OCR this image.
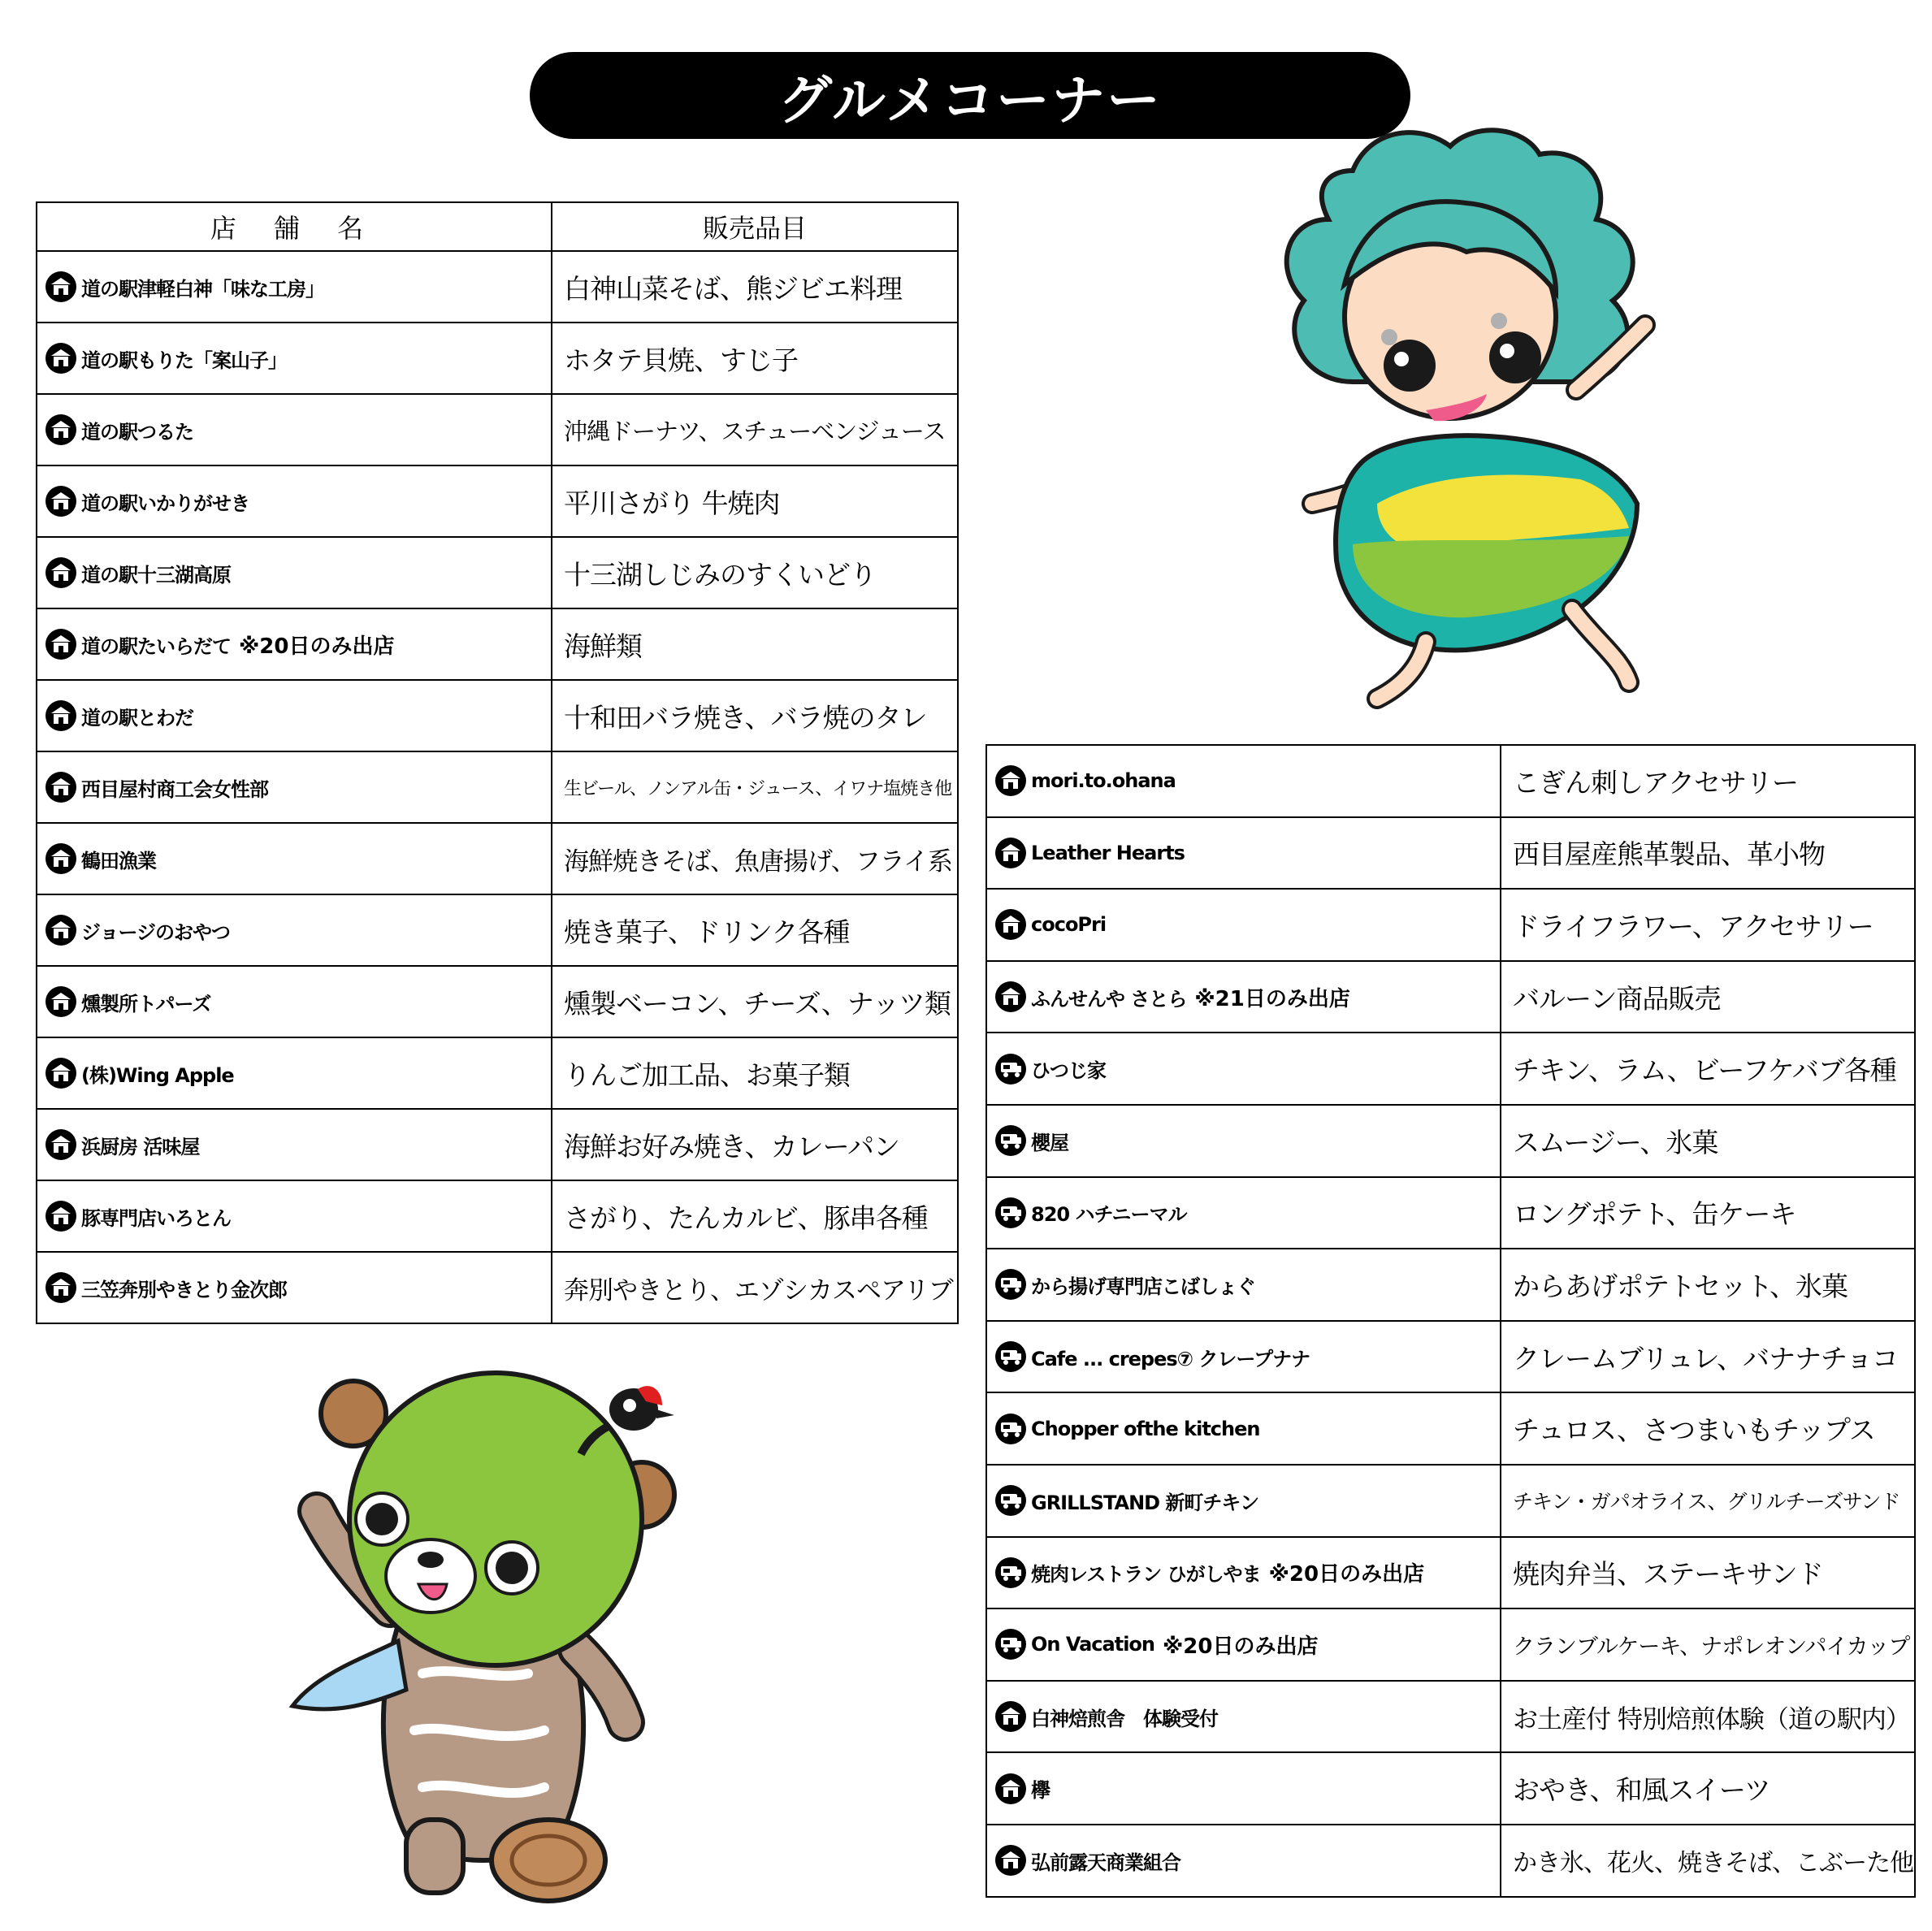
グルメコーナー
店 舗 名	販売品目

道の駅津軽白神「味な工房」	白神山菜そば、熊ジビエ料理

道の駅もりた「案山子」	ホタテ貝焼、すじ子

道の駅つるた	沖縄ドーナツ、スチューベンジュース

道の駅いかりがせき	平川さがり 牛焼肉

道の駅十三湖高原	十三湖しじみのすくいどり

道の駅たいらだて ※20日のみ出店	海鮮類

道の駅とわだ	十和田バラ焼き、バラ焼のタレ

西目屋村商工会女性部	生ビール、ノンアル缶・ジュース、イワナ塩焼き他

鶴田漁業	海鮮焼きそば、魚唐揚げ、フライ系

ジョージのおやつ	焼き菓子、ドリンク各種

燻製所トパーズ	燻製ベーコン、チーズ、ナッツ類

(株)Wing Apple	りんご加工品、お菓子類

浜厨房 活味屋	海鮮お好み焼き、カレーパン

豚専門店いろとん	さがり、たんカルビ、豚串各種

三笠奔別やきとり金次郎	奔別やきとり、エゾシカスペアリブ
mori.to.ohana	こぎん刺しアクセサリー

Leather Hearts	西目屋産熊革製品、革小物

cocoPri	ドライフラワー、アクセサリー

ふんせんや さとら ※21日のみ出店	バルーン商品販売

ひつじ家	チキン、ラム、ビーフケバブ各種

櫻屋	スムージー、氷菓

820 ハチニーマル	ロングポテト、缶ケーキ

から揚げ専門店こばしょぐ	からあげポテトセット、氷菓

Cafe ... crepes⑦ クレープナナ	クレームブリュレ、バナナチョコ

Chopper ofthe kitchen	チュロス、さつまいもチップス

GRILLSTAND 新町チキン	チキン・ガパオライス、グリルチーズサンド

焼肉レストラン ひがしやま ※20日のみ出店	焼肉弁当、ステーキサンド

On Vacation ※20日のみ出店	クランブルケーキ、ナポレオンパイカップ

白神焙煎舎　体験受付	お土産付 特別焙煎体験（道の駅内）

欅	おやき、和風スイーツ

弘前露天商業組合	かき氷、花火、焼きそば、こぶーた他
